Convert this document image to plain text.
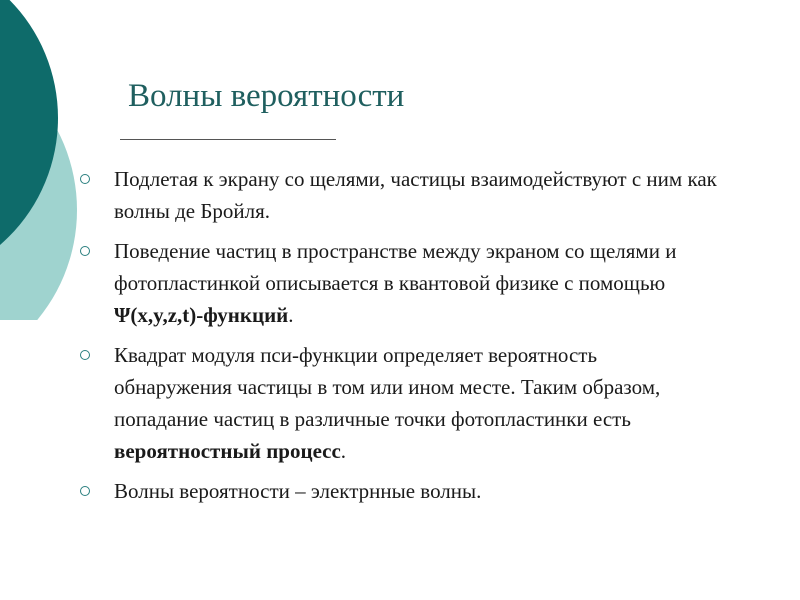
Волны вероятности
Подлетая к экрану со щелями, частицы взаимодействуют с ним как волны де Бройля.
Поведение частиц в пространстве между экраном со щелями и фотопластинкой описывается в квантовой физике с помощью Ψ(x,y,z,t)-функций.
Квадрат модуля пси-функции определяет вероятность обнаружения частицы в том или ином месте. Таким образом, попадание частиц в различные точки фотопластинки есть вероятностный процесс.
Волны вероятности – электрнные волны.
